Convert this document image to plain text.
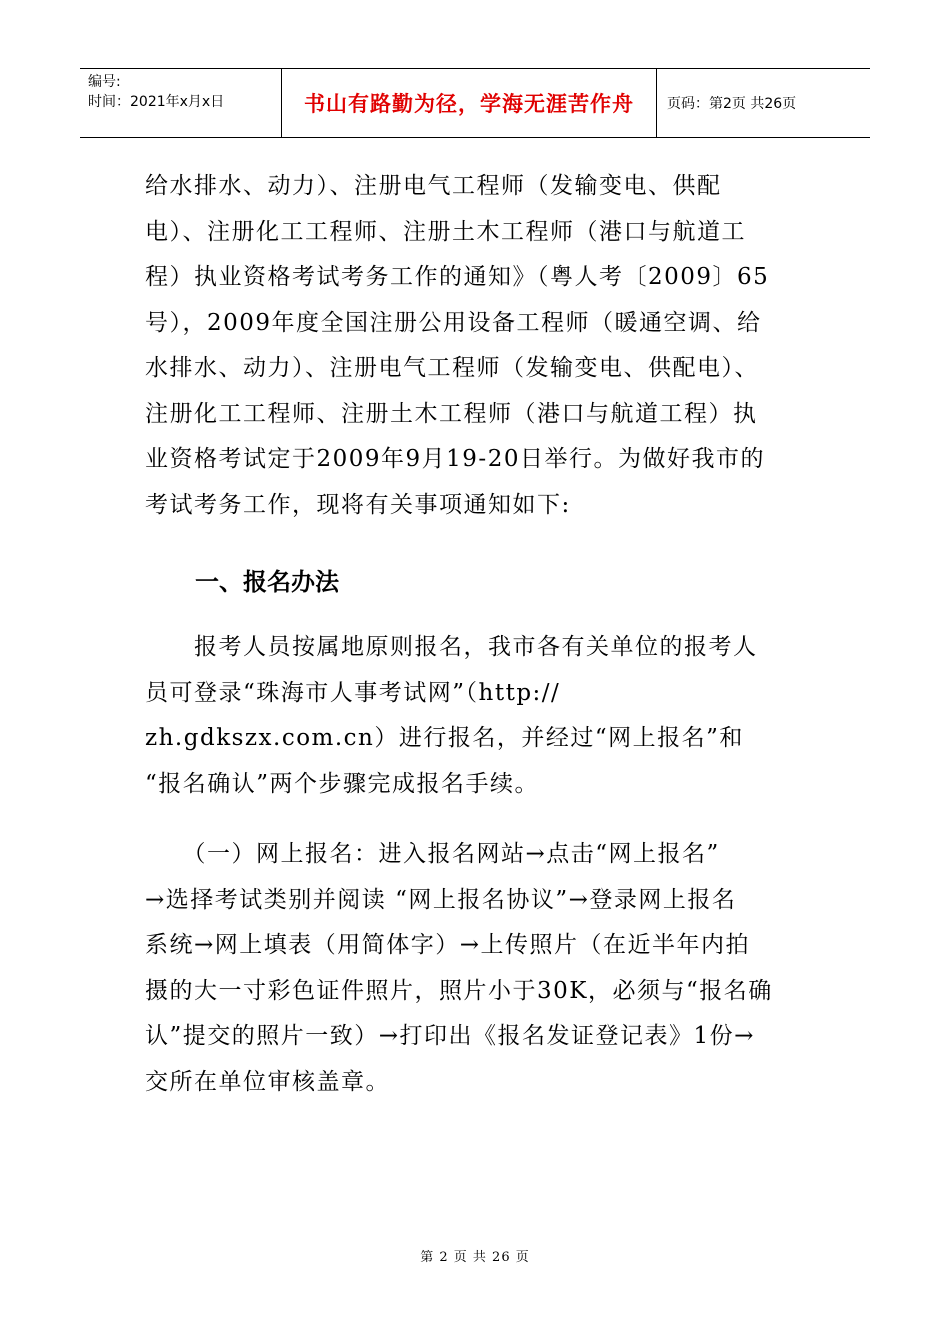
编号:
时间：2021年x月x日	书山有路勤为径，学海无涯苦作舟	页码：第2页 共26页
给水排水、动力）、注册电气工程师（发输变电、供配
电）、注册化工工程师、注册土木工程师（港口与航道工
程）执业资格考试考务工作的通知》（粤人考〔2009〕65
号），2009年度全国注册公用设备工程师（暖通空调、给
水排水、动力）、注册电气工程师（发输变电、供配电）、
注册化工工程师、注册土木工程师（港口与航道工程）执
业资格考试定于2009年9月19-20日举行。为做好我市的
考试考务工作，现将有关事项通知如下:
一、报名办法
　　报考人员按属地原则报名，我市各有关单位的报考人
员可登录“珠海市人事考试网”（http://
zh.gdkszx.com.cn）进行报名，并经过“网上报名”和
“报名确认”两个步骤完成报名手续。
　　（一）网上报名：进入报名网站→点击“网上报名”
→选择考试类别并阅读 “网上报名协议”→登录网上报名
系统→网上填表（用简体字）→上传照片（在近半年内拍
摄的大一寸彩色证件照片，照片小于30K，必须与“报名确
认”提交的照片一致）→打印出《报名发证登记表》1份→
交所在单位审核盖章。
第 2 页 共 26 页
